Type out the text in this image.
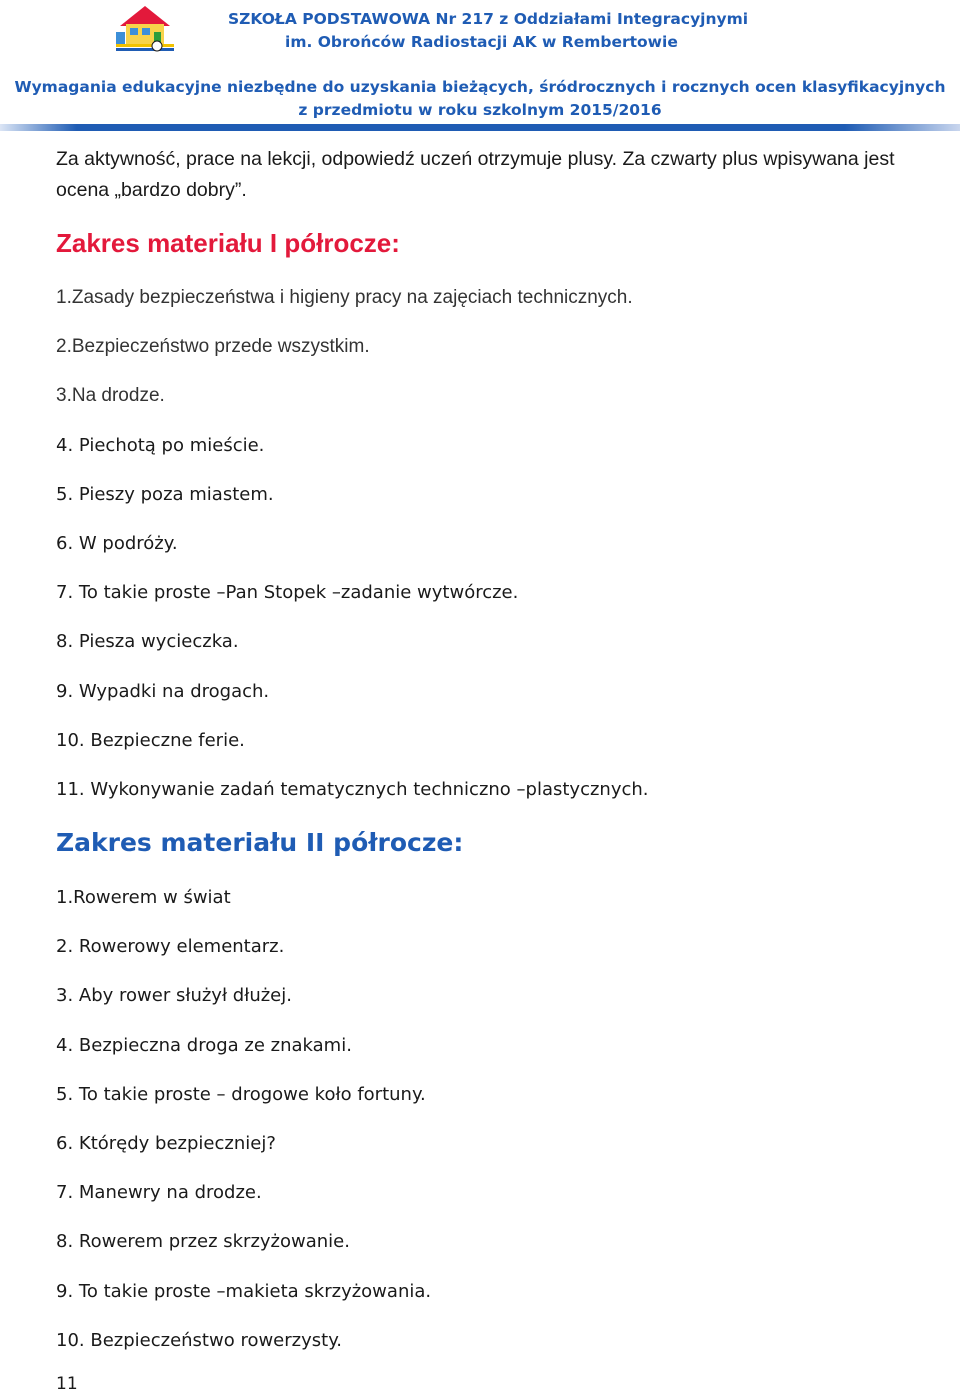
SZKOŁA PODSTAWOWA Nr 217 z Oddziałami Integracyjnymi
im. Obrońców Radiostacji AK w Rembertowie
Wymagania edukacyjne niezbędne do uzyskania bieżących, śródrocznych i rocznych ocen klasyfikacyjnych
z przedmiotu w roku szkolnym 2015/2016

Za aktywność, prace na lekcji, odpowiedź uczeń otrzymuje plusy. Za czwarty plus wpisywana jest ocena „bardzo dobry”.

Zakres materiału I półrocze:
1.Zasady bezpieczeństwa i higieny pracy na zajęciach technicznych.
2.Bezpieczeństwo przede wszystkim.
3.Na drodze.
4. Piechotą po mieście.
5. Pieszy poza miastem.
6. W podróży.
7. To takie proste –Pan Stopek –zadanie wytwórcze.
8. Piesza wycieczka.
9. Wypadki na drogach.
10. Bezpieczne ferie.
11. Wykonywanie zadań tematycznych techniczno –plastycznych.
Zakres materiału II półrocze:
1.Rowerem w świat
2. Rowerowy elementarz.
3. Aby rower służył dłużej.
4. Bezpieczna droga ze znakami.
5. To takie proste – drogowe koło fortuny.
6. Którędy bezpieczniej?
7. Manewry na drodze.
8. Rowerem przez skrzyżowanie.
9. To takie proste –makieta skrzyżowania.
10. Bezpieczeństwo rowerzysty.
11
